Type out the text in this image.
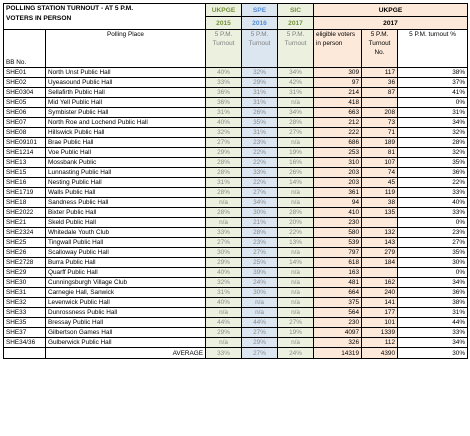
POLLING STATION TURNOUT - AT 5 P.M.
VOTERS IN PERSON		UKPGE	SPE	SIC	UKPGE		
		2015	2016	2017	2017		
BB No.	Polling Place	5 P.M. Turnout	5 P.M. Turnout	5 P.M. Turnout	eligible voters in person	5 P.M. Turnout No.	5 P.M. turnout %

SHE01	North Unst Public Hall	40%	32%	34%	309	117	38%
SHE02	Uyeasound Public Hall	33%	29%	42%	97	36	37%
SHE0304	Sellafirth Public Hall	36%	31%	31%	214	87	41%
SHE05	Mid Yell Public Hall	36%	31%	n/a	418		0%
SHE06	Symbister Public Hall	31%	26%	34%	663	208	31%
SHE07	North Roe and Lochend Public Hall	40%	35%	28%	212	73	34%
SHE08	Hillswick Public Hall	32%	31%	27%	222	71	32%
SHE09101	Brae Public Hall	27%	23%	n/a	686	189	28%
SHE1214	Voe Public Hall	29%	22%	19%	253	81	32%
SHE13	Mossbank Public	28%	22%	16%	310	107	35%
SHE15	Lunnasting Public Hall	28%	33%	26%	203	74	36%
SHE16	Nesting Public Hall	31%	22%	14%	203	45	22%
SHE1719	Walls Public Hall	28%	27%	n/a	361	119	33%
SHE18	Sandness Public Hall	n/a	34%	n/a	94	38	40%
SHE2022	Bixter Public Hall	28%	30%	28%	410	135	33%
SHE21	Skeld Public Hall	n/a	21%	20%	230		0%
SHE2324	Whitedale Youth Club	33%	28%	22%	580	132	23%
SHE25	Tingwall Public Hall	27%	23%	13%	539	143	27%
SHE26	Scalloway Public Hall	30%	27%	n/a	797	279	35%
SHE2728	Burra Public Hall	29%	25%	14%	618	184	30%
SHE29	Quarff Public Hall	40%	39%	n/a	163		0%
SHE30	Cunningsburgh Village Club	32%	24%	n/a	481	162	34%
SHE31	Carnegie Hall, Sanwick	31%	30%	n/a	664	240	36%
SHE32	Levenwick Public Hall	40%	n/a	n/a	375	141	38%
SHE33	Dunrossness Public Hall	n/a	n/a	n/a	564	177	31%
SHE35	Bressay Public Hall	44%	44%	27%	230	101	44%
SHE37	Gilbertson Games Hall	29%	27%	19%	4097	1339	33%
SHE34/36	Gulberwick Public Hall	n/a	29%	n/a	326	112	34%
	AVERAGE	33%	27%	24%	14319	4390	30%
